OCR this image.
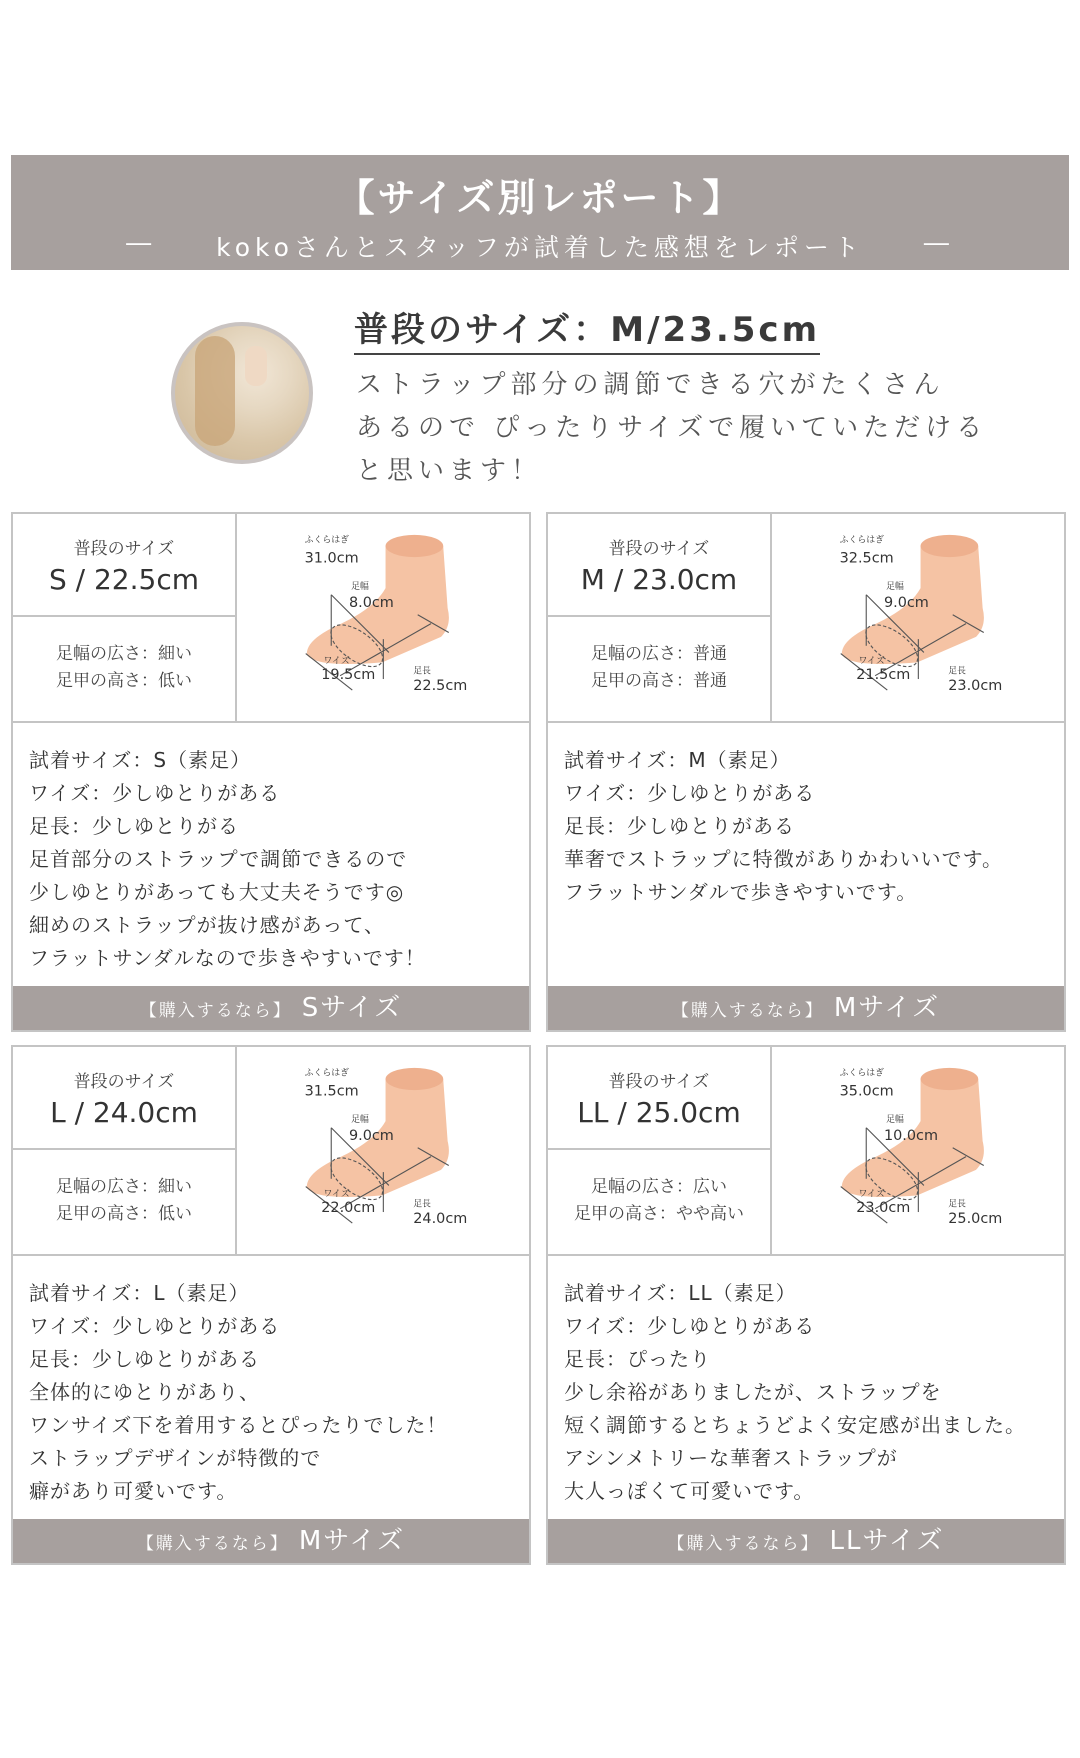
【サイズ別レポート】
― kokoさんとスタッフが試着した感想をレポート ―
普段のサイズ：M/23.5cm
ストラップ部分の調節できる穴がたくさん
あるので ぴったりサイズで履いていただける
と思います！
普段のサイズ
S / 22.5cm
足幅の広さ：細い
足甲の高さ：低い
ふくらはぎ
31.0cm
足幅
8.0cm
ワイズ
19.5cm	足長
22.5cm
試着サイズ：S（素足）
ワイズ：少しゆとりがある
足長：少しゆとりがる
足首部分のストラップで調節できるので
少しゆとりがあっても大丈夫そうです◎
細めのストラップが抜け感があって、
フラットサンダルなので歩きやすいです！
【購入するなら】 Sサイズ
普段のサイズ
M / 23.0cm
足幅の広さ：普通
足甲の高さ：普通
ふくらはぎ
32.5cm
足幅
9.0cm
ワイズ
21.5cm	足長
23.0cm
試着サイズ：M（素足）
ワイズ：少しゆとりがある
足長：少しゆとりがある
華奢でストラップに特徴がありかわいいです。
フラットサンダルで歩きやすいです。
【購入するなら】 Mサイズ
普段のサイズ
L / 24.0cm
足幅の広さ：細い
足甲の高さ：低い
ふくらはぎ
31.5cm
足幅
9.0cm
ワイズ
22.0cm	足長
24.0cm
試着サイズ：L（素足）
ワイズ：少しゆとりがある
足長：少しゆとりがある
全体的にゆとりがあり、
ワンサイズ下を着用するとぴったりでした！
ストラップデザインが特徴的で
癖があり可愛いです。
【購入するなら】 Mサイズ
普段のサイズ
LL / 25.0cm
足幅の広さ：広い
足甲の高さ：やや高い
ふくらはぎ
35.0cm
足幅
10.0cm
ワイズ
23.0cm	足長
25.0cm
試着サイズ：LL（素足）
ワイズ：少しゆとりがある
足長：ぴったり
少し余裕がありましたが、ストラップを
短く調節するとちょうどよく安定感が出ました。
アシンメトリーな華奢ストラップが
大人っぽくて可愛いです。
【購入するなら】 LLサイズ
